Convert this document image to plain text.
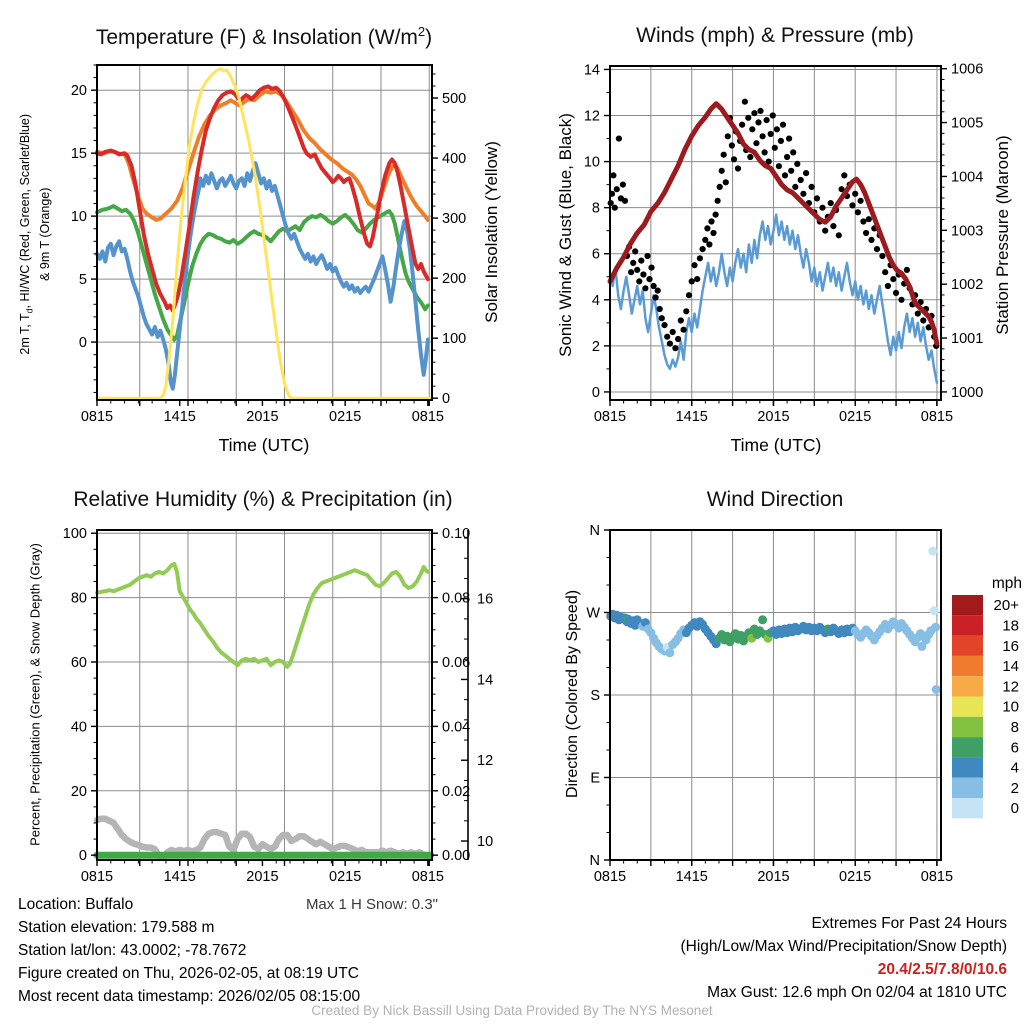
0815	1415	2015	0215	0815
0
5
10
15
20
0
100
200
300
400
500
0815	1415	2015	0215	0815
0
2
4
6
8
10
12
14
1000
1001
1002
1003
1004
1005
1006
0815	1415	2015	0215	0815
0
20
40
60
80
100
0.00
0.02
0.04
0.06
0.08
0.10
10
12
14
16
0815	1415	2015	0215	0815
N
W
S
E
N
mph
20+
18
16
14
12
10
8
6
4
2
0
Temperature (F) & Insolation $(W/m^2)$	Winds (mph) & Pressure (mb)
Relative Humidity (%) & Precipitation (in)	Wind Direction
2m T, $T_d$, HI/WC (Red, Green, Scarlet/Blue) & 9m T (Orange)	Solar Insolation (Yellow)	Sonic Wind & Gust (Blue, Black)	Station Pressure (Maroon)
Percent, Precipitation (Green), & Snow Depth (Gray)	Direction (Colored By Speed)
Time (UTC)	Time (UTC)
Max 1 H Snow: 0.3"
Location: Buffalo
Station elevation: 179.588 m
Station lat/lon: 43.0002; -78.7672
Figure created on Thu, 2026-02-05, at 08:19 UTC
Most recent data timestamp: 2026/02/05 08:15:00
Extremes For Past 24 Hours
(High/Low/Max Wind/Precipitation/Snow Depth)
20.4/2.5/7.8/0/10.6
Max Gust: 12.6 mph On 02/04 at 1810 UTC
Created By Nick Bassill Using Data Provided By The NYS Mesonet
